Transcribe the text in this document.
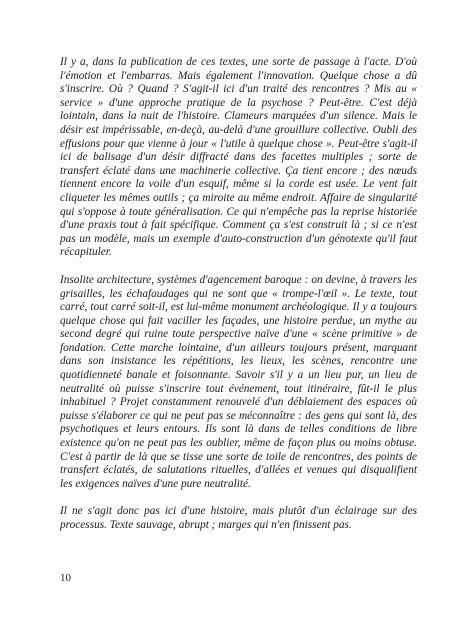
Il y a, dans la publication de ces textes, une sorte de passage à l'acte. D'où l'émotion et l'embarras. Mais également l'innovation. Quelque chose a dû s'inscrire. Où ? Quand ? S'agit-il ici d'un traité des rencontres ? Mis au « service » d'une approche pratique de la psychose ? Peut-être. C'est déjà lointain, dans la nuit de l'histoire. Clameurs marquées d'un silence. Mais le désir est impérissable, en-deçà, au-delà d'une grouillure collective. Oubli des effusions pour que vienne à jour « l'utile à quelque chose ». Peut-être s'agit-il ici de balisage d'un désir diffracté dans des facettes multiples ; sorte de transfert éclaté dans une machinerie collective. Ça tient encore ; des nœuds tiennent encore la voile d'un esquif, même si la corde est usée. Le vent fait cliqueter les mêmes outils ; ça miroite au même endroit. Affaire de singularité qui s'oppose à toute généralisation. Ce qui n'empêche pas la reprise historiée d'une praxis tout à fait spécifique. Comment ça s'est construit là ; si ce n'est pas un modèle, mais un exemple d'auto-construction d'un génotexte qu'il faut récapituler.

Insolite architecture, systèmes d'agencement baroque : on devine, à travers les grisailles, les échafaudages qui ne sont que « trompe-l'œil ». Le texte, tout carré, tout carré soit-il, est lui-même monument archéologique. Il y a toujours quelque chose qui fait vaciller les façades, une histoire perdue, un mythe au second degré qui ruine toute perspective naïve d'une « scène primitive » de fondation. Cette marche lointaine, d'un ailleurs toujours présent, marquant dans son insistance les répétitions, les lieux, les scènes, rencontre une quotidienneté banale et foisonnante. Savoir s'il y a un lieu pur, un lieu de neutralité où puisse s'inscrire tout événement, tout itinéraire, fût-il le plus inhabituel ? Projet constamment renouvelé d'un déblaiement des espaces où puisse s'élaborer ce qui ne peut pas se méconnaître : des gens qui sont là, des psychotiques et leurs entours. Ils sont là dans de telles conditions de libre existence qu'on ne peut pas les oublier, même de façon plus ou moins obtuse. C'est à partir de là que se tisse une sorte de toile de rencontres, des points de transfert éclatés, de salutations rituelles, d'allées et venues qui disqualifient les exigences naïves d'une pure neutralité.

Il ne s'agit donc pas ici d'une histoire, mais plutôt d'un éclairage sur des processus. Texte sauvage, abrupt ; marges qui n'en finissent pas.

10
